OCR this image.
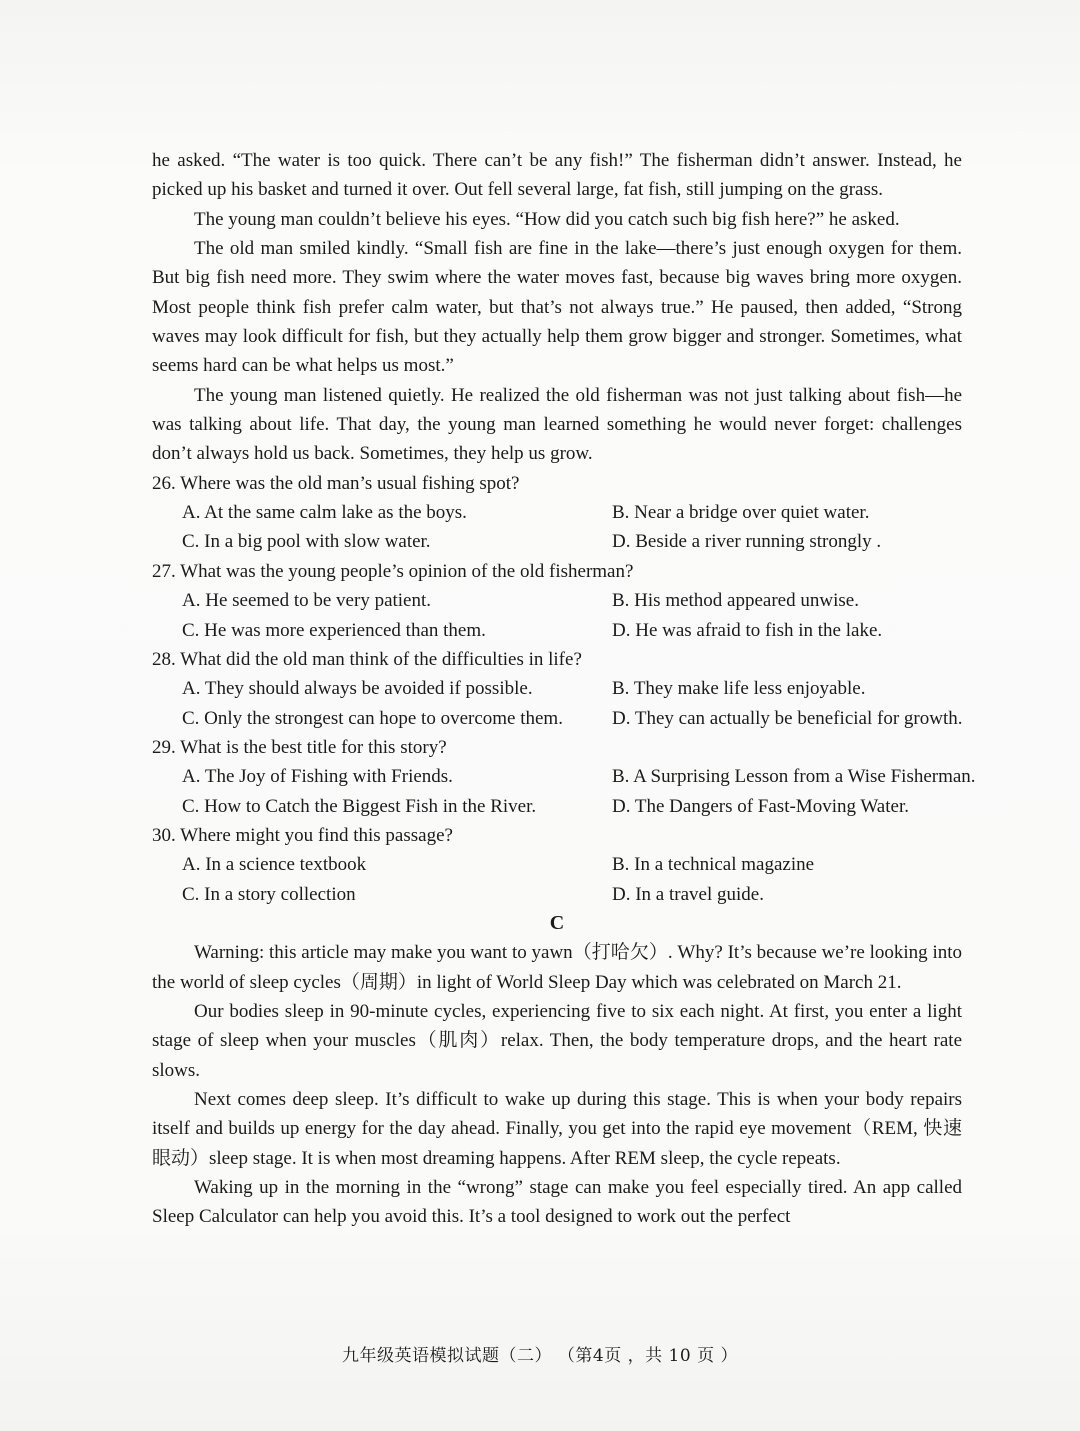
he asked. “The water is too quick. There can’t be any fish!” The fisherman didn’t answer. Instead, he picked up his basket and turned it over. Out fell several large, fat fish, still jumping on the grass.

The young man couldn’t believe his eyes. “How did you catch such big fish here?” he asked.

The old man smiled kindly. “Small fish are fine in the lake—there’s just enough oxygen for them. But big fish need more. They swim where the water moves fast, because big waves bring more oxygen. Most people think fish prefer calm water, but that’s not always true.” He paused, then added, “Strong waves may look difficult for fish, but they actually help them grow bigger and stronger. Sometimes, what seems hard can be what helps us most.”

The young man listened quietly. He realized the old fisherman was not just talking about fish—he was talking about life. That day, the young man learned something he would never forget: challenges don’t always hold us back. Sometimes, they help us grow.

26. Where was the old man’s usual fishing spot?

A. At the same calm lake as the boys.	B. Near a bridge over quiet water.
C. In a big pool with slow water.	D. Beside a river running strongly .

27. What was the young people’s opinion of the old fisherman?

A. He seemed to be very patient.	B. His method appeared unwise.
C. He was more experienced than them.	D. He was afraid to fish in the lake.

28. What did the old man think of the difficulties in life?

A. They should always be avoided if possible.	B. They make life less enjoyable.
C. Only the strongest can hope to overcome them.	D. They can actually be beneficial for growth.

29. What is the best title for this story?

A. The Joy of Fishing with Friends.	B. A Surprising Lesson from a Wise Fisherman.
C. How to Catch the Biggest Fish in the River.	D. The Dangers of Fast-Moving Water.

30. Where might you find this passage?

A. In a science textbook	B. In a technical magazine
C. In a story collection	D. In a travel guide.

C

Warning: this article may make you want to yawn（打哈欠）. Why? It’s because we’re looking into the world of sleep cycles（周期）in light of World Sleep Day which was celebrated on March 21.

Our bodies sleep in 90-minute cycles, experiencing five to six each night. At first, you enter a light stage of sleep when your muscles（肌肉）relax. Then, the body temperature drops, and the heart rate slows.

Next comes deep sleep. It’s difficult to wake up during this stage. This is when your body repairs itself and builds up energy for the day ahead. Finally, you get into the rapid eye movement（REM, 快速眼动）sleep stage. It is when most dreaming happens. After REM sleep, the cycle repeats.

Waking up in the morning in the “wrong” stage can make you feel especially tired. An app called Sleep Calculator can help you avoid this. It’s a tool designed to work out the perfect

九年级英语模拟试题（二） （第4页 ，共 10 页 ）
